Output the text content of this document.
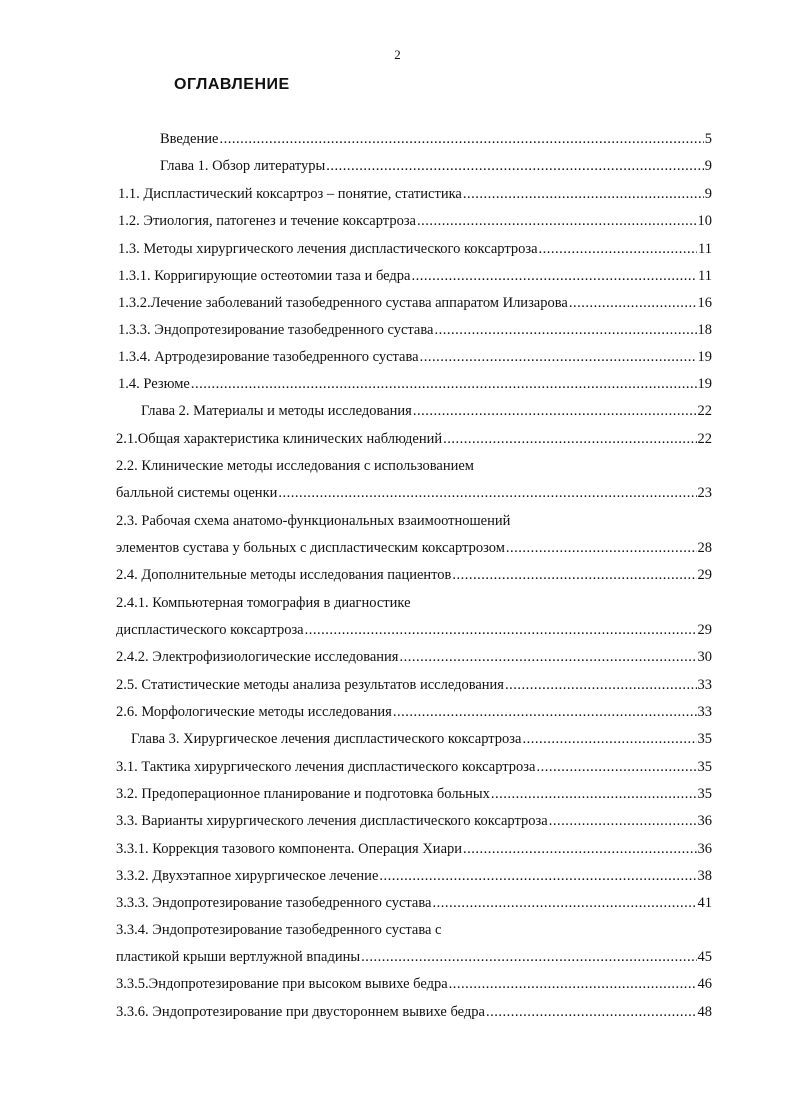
2
ОГЛАВЛЕНИЕ
Введение .....	5
Глава 1. Обзор литературы .....	9
1.1. Диспластический коксартроз – понятие, статистика .....	9
1.2. Этиология, патогенез и течение коксартроза .....	10
1.3. Методы хирургического лечения диспластического коксартроза .....	11
1.3.1. Корригирующие остеотомии таза и бедра .....	11
1.3.2.Лечение заболеваний тазобедренного сустава аппаратом Илизарова .....	16
1.3.3. Эндопротезирование тазобедренного сустава .....	18
1.3.4. Артродезирование тазобедренного сустава .....	19
1.4. Резюме .....	19
Глава 2. Материалы и методы исследования .....	22
2.1.Общая характеристика клинических наблюдений .....	22
2.2. Клинические методы исследования с использованием
балльной системы оценки .....	23
2.3. Рабочая схема анатомо-функциональных взаимоотношений
элементов сустава у больных с диспластическим коксартрозом .....	28
2.4. Дополнительные методы исследования пациентов .....	29
2.4.1. Компьютерная томография в диагностике
диспластического коксартроза .....	29
2.4.2. Электрофизиологические исследования .....	30
2.5. Статистические методы анализа результатов исследования .....	33
2.6. Морфологические методы исследования .....	33
Глава 3. Хирургическое лечения диспластического коксартроза .....	35
3.1. Тактика хирургического лечения диспластического коксартроза .....	35
3.2. Предоперационное планирование и подготовка больных .....	35
3.3. Варианты хирургического лечения диспластического коксартроза .....	36
3.3.1. Коррекция тазового компонента. Операция Хиари .....	36
3.3.2. Двухэтапное хирургическое лечение .....	38
3.3.3. Эндопротезирование тазобедренного сустава .....	41
3.3.4. Эндопротезирование тазобедренного сустава с
пластикой крыши вертлужной впадины .....	45
3.3.5.Эндопротезирование при высоком вывихе бедра .....	46
3.3.6. Эндопротезирование при двустороннем вывихе бедра .....	48
